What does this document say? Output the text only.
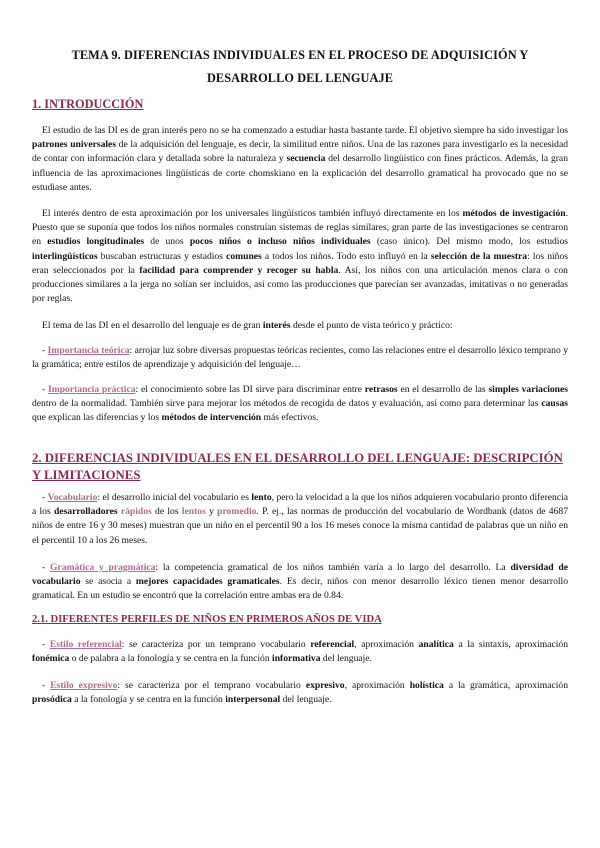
TEMA 9. DIFERENCIAS INDIVIDUALES EN EL PROCESO DE ADQUISICIÓN Y
DESARROLLO DEL LENGUAJE
1. INTRODUCCIÓN

El estudio de las DI es de gran interés pero no se ha comenzado a estudiar hasta bastante tarde. El objetivo siempre ha sido investigar los patrones universales de la adquisición del lenguaje, es decir, la similitud entre niños. Una de las razones para investigarlo es la necesidad de contar con información clara y detallada sobre la naturaleza y secuencia del desarrollo lingüístico con fines prácticos. Además, la gran influencia de las aproximaciones lingüísticas de corte chomskiano en la explicación del desarrollo gramatical ha provocado que no se estudiase antes.

El interés dentro de esta aproximación por los universales lingüísticos también influyó directamente en los métodos de investigación. Puesto que se suponía que todos los niños normales construían sistemas de reglas similares, gran parte de las investigaciones se centraron en estudios longitudinales de unos pocos niños o incluso niños individuales (caso único). Del mismo modo, los estudios interlingüísticos buscaban estructuras y estadios comunes a todos los niños. Todo esto influyó en la selección de la muestra: los niños eran seleccionados por la facilidad para comprender y recoger su habla. Así, los niños con una articulación menos clara o con producciones similares a la jerga no solían ser incluidos, así como las producciones que parecían ser avanzadas, imitativas o no generadas por reglas.

El tema de las DI en el desarrollo del lenguaje es de gran interés desde el punto de vista teórico y práctico:

- Importancia teórica: arrojar luz sobre diversas propuestas teóricas recientes, como las relaciones entre el desarrollo léxico temprano y la gramática; entre estilos de aprendizaje y adquisición del lenguaje…

- Importancia práctica: el conocimiento sobre las DI sirve para discriminar entre retrasos en el desarrollo de las simples variaciones dentro de la normalidad. También sirve para mejorar los métodos de recogida de datos y evaluación, así como para determinar las causas que explican las diferencias y los métodos de intervención más efectivos.

2. DIFERENCIAS INDIVIDUALES EN EL DESARROLLO DEL LENGUAJE: DESCRIPCIÓN Y LIMITACIONES

- Vocabulario: el desarrollo inicial del vocabulario es lento, pero la velocidad a la que los niños adquieren vocabulario pronto diferencia a los desarrolladores rápidos de los lentos y promedio. P. ej., las normas de producción del vocabulario de Wordbank (datos de 4687 niños de entre 16 y 30 meses) muestran que un niño en el percentil 90 a los 16 meses conoce la misma cantidad de palabras que un niño en el percentil 10 a los 26 meses.

- Gramática y pragmática: la competencia gramatical de los niños también varía a lo largo del desarrollo. La diversidad de vocabulario se asocia a mejores capacidades gramaticales. Es decir, niños con menor desarrollo léxico tienen menor desarrollo gramatical. En un estudio se encontró que la correlación entre ambas era de 0.84.

2.1. DIFERENTES PERFILES DE NIÑOS EN PRIMEROS AÑOS DE VIDA

- Estilo referencial: se caracteriza por un temprano vocabulario referencial, aproximación analítica a la sintaxis, aproximación fonémica o de palabra a la fonología y se centra en la función informativa del lenguaje.

- Estilo expresivo: se caracteriza por el temprano vocabulario expresivo, aproximación holística a la gramática, aproximación prosódica a la fonología y se centra en la función interpersonal del lenguaje.
